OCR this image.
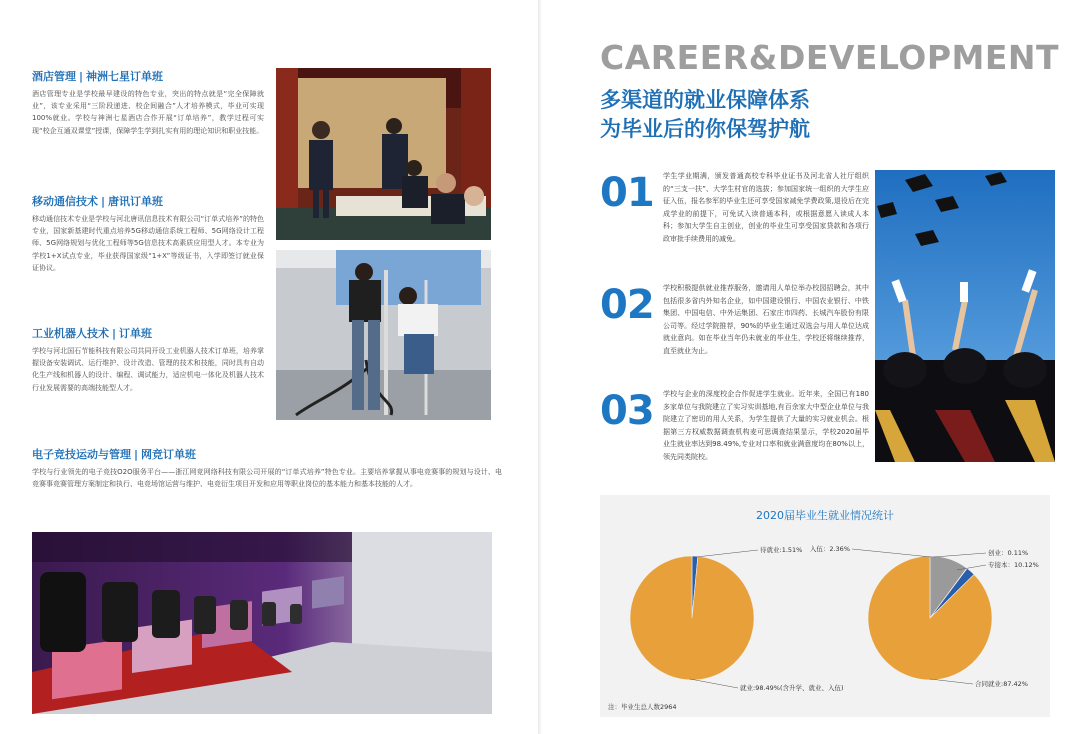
酒店管理 | 神洲七星订单班

酒店管理专业是学校最早建设的特色专业，突出的特点就是“完全保障就业”，该专业采用“三阶段递进、校企间融合”人才培养模式，毕业可实现100%就业。学校与神洲七星酒店合作开展“订单培养”，教学过程可实现“校企互通双课堂”授课，保障学生学到扎实有用的理论知识和职业技能。

移动通信技术 | 唐讯订单班

移动通信技术专业是学校与河北唐讯信息技术有限公司“订单式培养”的特色专业，国家新基建时代重点培养5G移动通信系统工程师、5G网络设计工程师、5G网络规划与优化工程师等5G信息技术高素质应用型人才。本专业为学校1+X试点专业，毕业获得国家级“1+X”等级证书，入学即签订就业保证协议。

工业机器人技术 | 订单班

学校与河北国石节能科技有限公司共同开设工业机器人技术订单班，培养掌握设备安装调试、运行维护、设计改造、管理的技术和技能，同时具有自动化生产线和机器人的设计、编程、调试能力，适应机电一体化及机器人技术行业发展需要的高端技能型人才。

电子竞技运动与管理 | 网竞订单班

学校与行业领先的电子竞技O2O服务平台——浙江网竞网络科技有限公司开展的“订单式培养”特色专业。主要培养掌握从事电竞赛事的规划与设计、电竞赛事竞赛管理方案制定和执行、电竞场馆运营与维护、电竞衍生项目开发和应用等职业岗位的基本能力和基本技能的人才。

CAREER&DEVELOPMENT
多渠道的就业保障体系
为毕业后的你保驾护航
01 学生学业期满，颁发普通高校专科毕业证书及河北省人社厅组织的“三支一扶”、大学生村官的选拔；参加国家统一组织的大学生应征入伍，报名参军的毕业生还可享受国家减免学费政策,退役后在完成学业的前提下，可免试入读普通本科，或根据意愿入读成人本科；参加大学生自主创业，创业的毕业生可享受国家贷款和各项行政审批手续费用的减免。

02 学校积极提供就业推荐服务，邀请用人单位举办校园招聘会，其中包括很多省内外知名企业，如中国建设银行、中国农业银行、中铁集团、中国电信、中外运集团、石家庄市四药、长城汽车股份有限公司等。经过学院推荐，90%的毕业生通过双选会与用人单位达成就业意向。如在毕业当年仍未就业的毕业生，学校还将继续推荐，直至就业为止。

03 学校与企业的深度校企合作促进学生就业。近年来，全国已有180多家单位与我院建立了实习实训基地,有百余家大中型企业单位与我院建立了密切的用人关系，为学生提供了大量的实习就业机会。根据第三方权威数据调查机构麦可思调查结果显示，学校2020届毕业生就业率达到98.49%,专业对口率和就业满意度均在80%以上，领先同类院校。

2020届毕业生就业情况统计
就业:98.49%(含升学、就业、入伍)
待就业:1.51%
合同就业:87.42%
专接本：10.12%
入伍：2.36%	创业：0.11%
注：毕业生总人数2964
